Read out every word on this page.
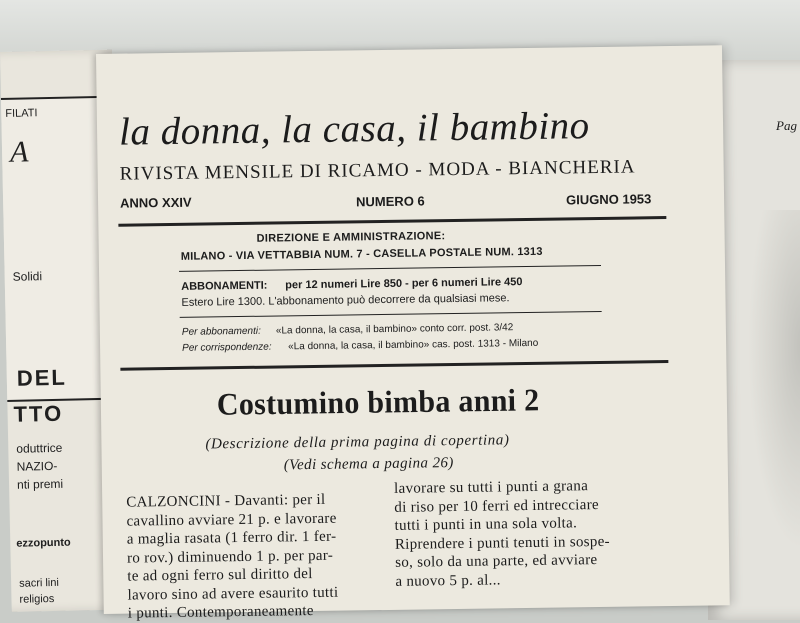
FILATI
A
Solidi
DEL
TTO
oduttrice
NAZIO-
nti premi
ezzopunto
sacri lini
religios
Pag
la donna, la casa, il bambino
RIVISTA MENSILE DI RICAMO - MODA - BIANCHERIA
ANNO XXIV	NUMERO 6	GIUGNO 1953
DIREZIONE E AMMINISTRAZIONE:
MILANO - VIA VETTABBIA NUM. 7 - CASELLA POSTALE NUM. 1313
ABBONAMENTI: per 12 numeri Lire 850 - per 6 numeri Lire 450
Estero Lire 1300. L'abbonamento può decorrere da qualsiasi mese.
Per abbonamenti: «La donna, la casa, il bambino» conto corr. post. 3/42
Per corrispondenze: «La donna, la casa, il bambino» cas. post. 1313 - Milano
Costumino bimba anni 2
(Descrizione della prima pagina di copertina)
(Vedi schema a pagina 26)
CALZONCINI - Davanti: per il
cavallino avviare 21 p. e lavorare
a maglia rasata (1 ferro dir. 1 fer-
ro rov.) diminuendo 1 p. per par-
te ad ogni ferro sul diritto del
lavoro sino ad avere esaurito tutti
i punti. Contemporaneamente
lavorare su tutti i punti a grana
di riso per 10 ferri ed intrecciare
tutti i punti in una sola volta.
Riprendere i punti tenuti in sospe-
so, solo da una parte, ed avviare
a nuovo 5 p. al...
